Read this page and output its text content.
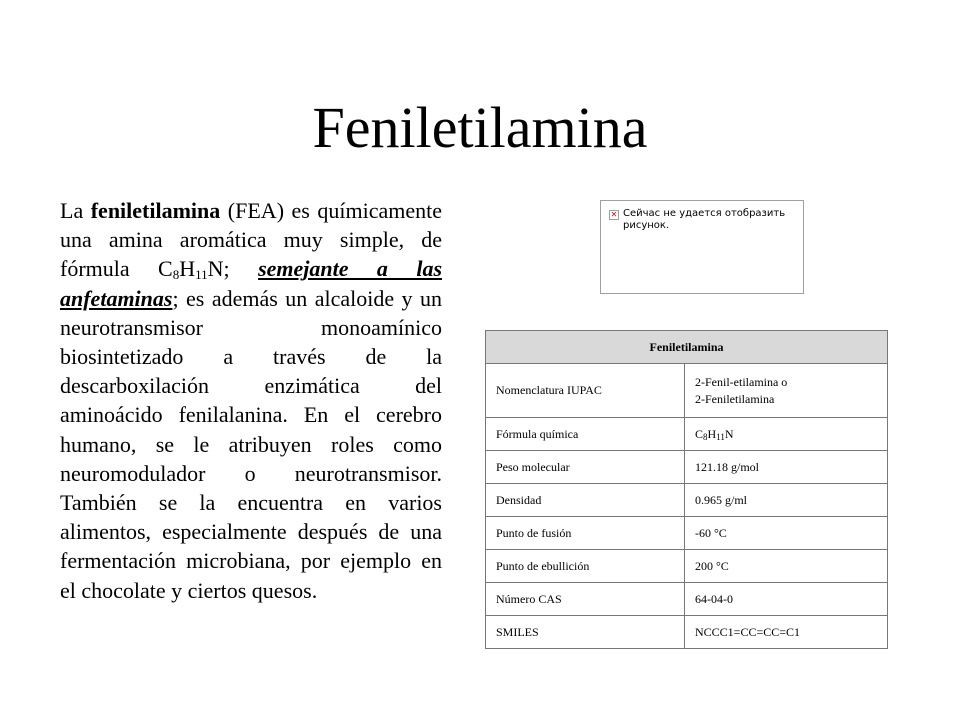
Feniletilamina
La feniletilamina (FEA) es químicamente una amina aromática muy simple, de fórmula $C_8H_{11}N$; semejante a las anfetaminas; es además un alcaloide y un neurotransmisor monoamínico biosintetizado a través de la descarboxilación enzimática del aminoácido fenilalanina. En el cerebro humano, se le atribuyen roles como neuromodulador o neurotransmisor. También se la encuentra en varios alimentos, especialmente después de una fermentación microbiana, por ejemplo en el chocolate y ciertos quesos.
✕
Сейчас не удается отобразить рисунок.
Feniletilamina	
Nomenclatura IUPAC	2-Fenil-etilamina o
2-Feniletilamina
Fórmula química	$C_8H_{11}N$
Peso molecular	121.18 g/mol
Densidad	0.965 g/ml
Punto de fusión	-60 °C
Punto de ebullición	200 °C
Número CAS	64-04-0
SMILES	NCCC1=CC=CC=C1
